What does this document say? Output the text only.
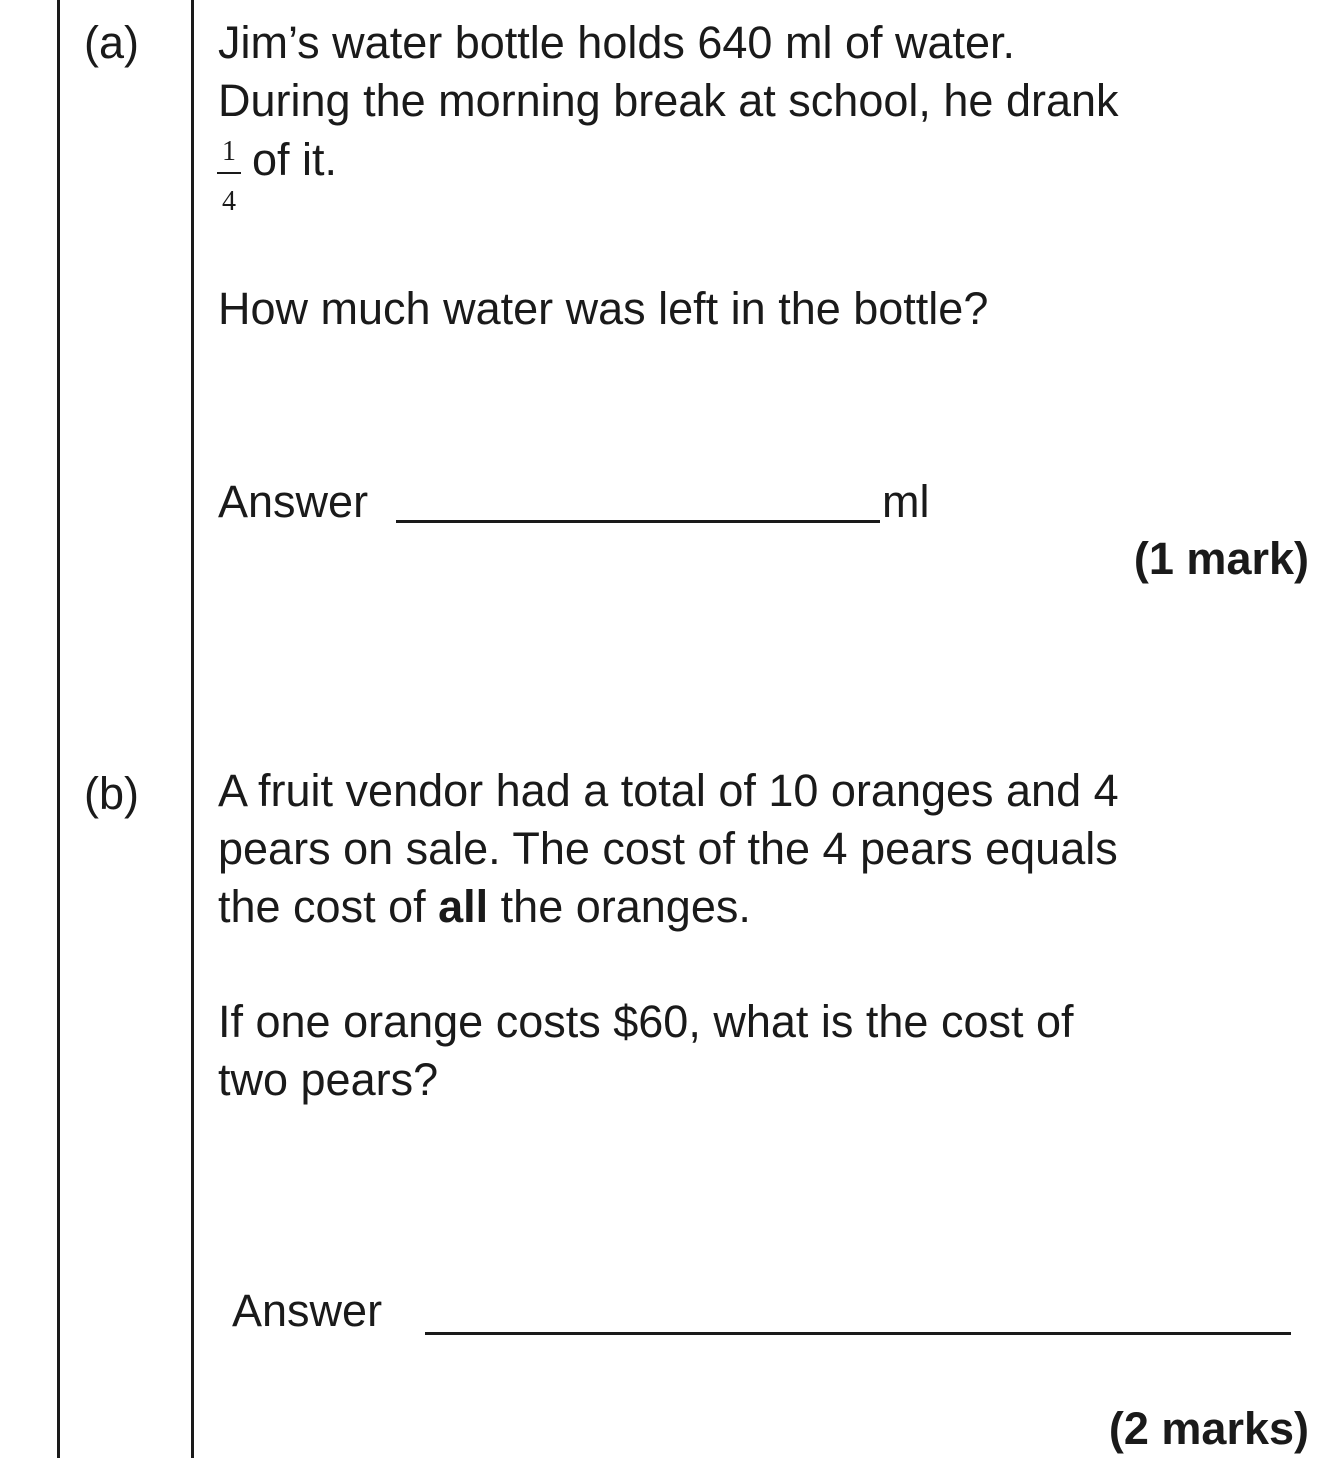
(a) Jim’s water bottle holds 640 ml of water.
During the morning break at school, he drank
1
4
of it.
How much water was left in the bottle?
Answer	ml
(1 mark)
(b) A fruit vendor had a total of 10 oranges and 4
pears on sale. The cost of the 4 pears equals
the cost of all the oranges.
If one orange costs $60, what is the cost of
two pears?
Answer
(2 marks)
